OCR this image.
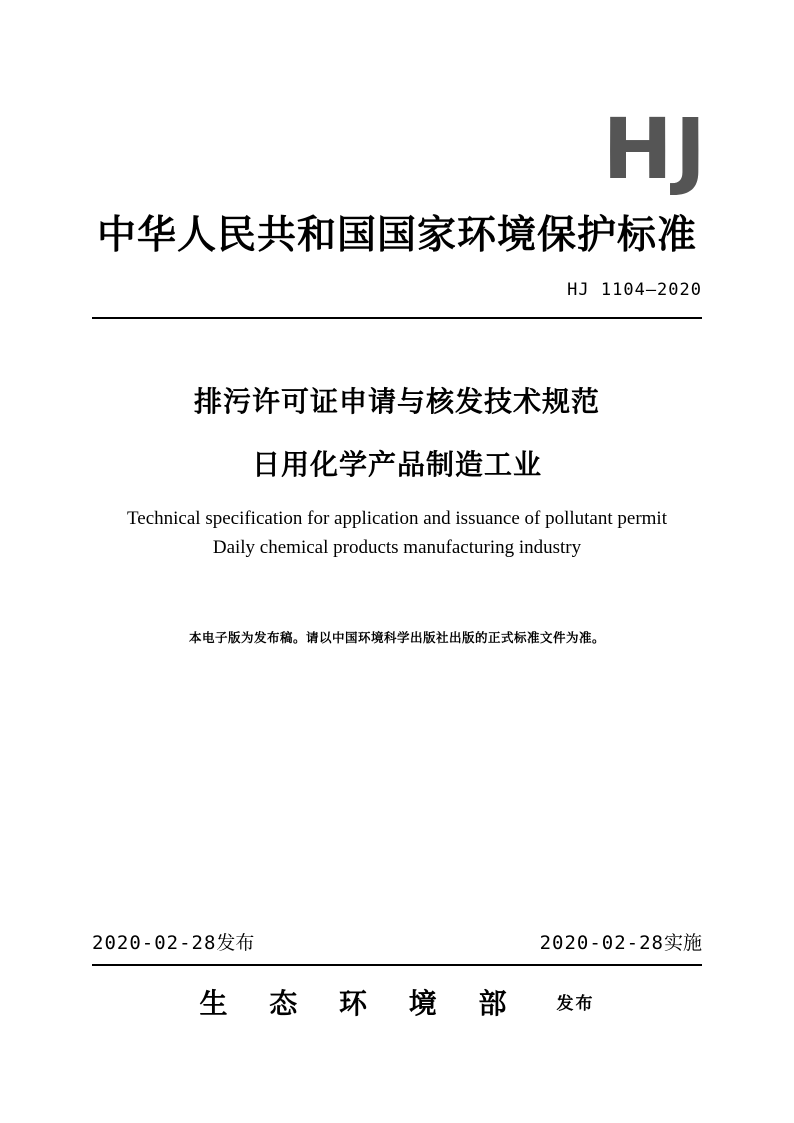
HJ
中华人民共和国国家环境保护标准
HJ 1104—2020
排污许可证申请与核发技术规范
日用化学产品制造工业
Technical specification for application and issuance of pollutant permit
Daily chemical products manufacturing industry
本电子版为发布稿。请以中国环境科学出版社出版的正式标准文件为准。
2020-02-28发布	2020-02-28实施
生 态 环 境 部 发布
